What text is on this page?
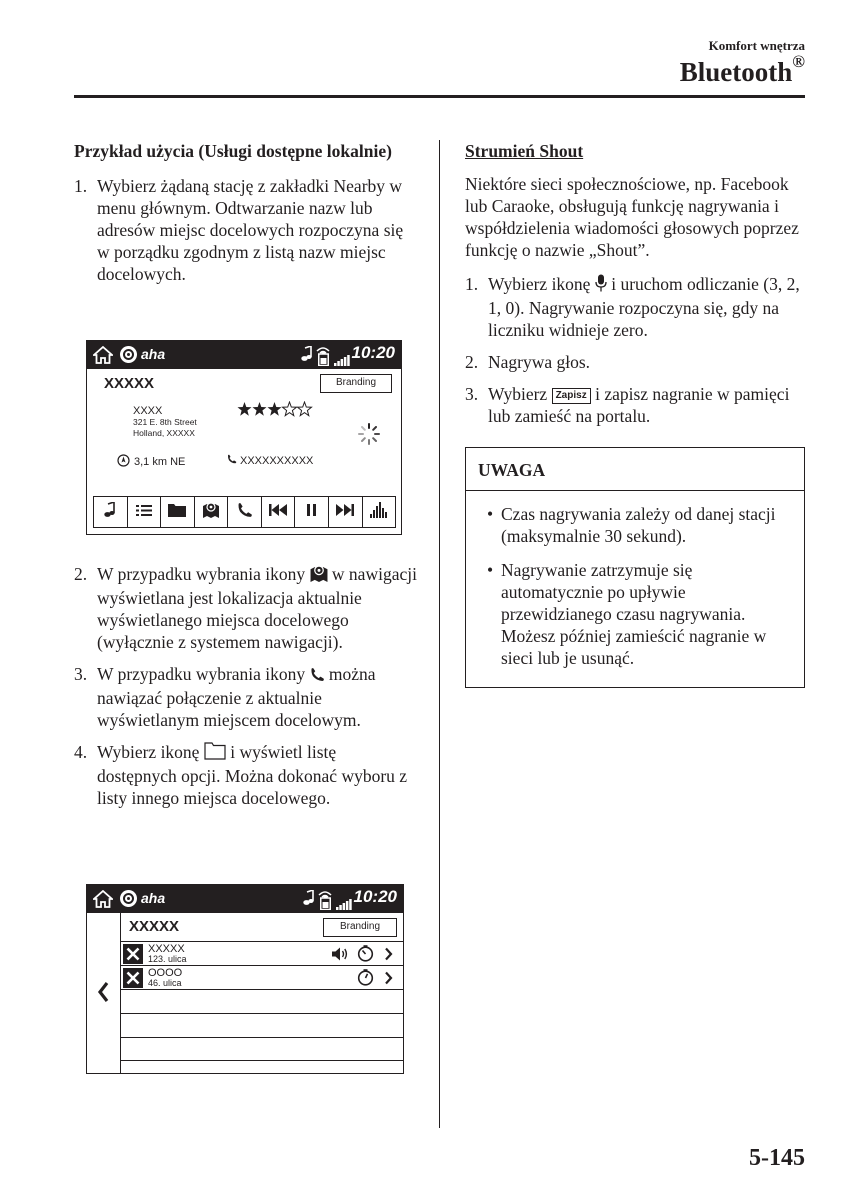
Komfort wnętrza
Bluetooth®

Przykład użycia (Usługi dostępne lokalnie)

1. Wybierz żądaną stację z zakładki Nearby w menu głównym. Odtwarzanie nazw lub adresów miejsc docelowych rozpoczyna się w porządku zgodnym z listą nazw miejsc docelowych.
aha	10:20
XXXXX	Branding
XXXX
321 E. 8th Street
Holland, XXXXX
3,1 km NE	XXXXXXXXXX
2. W przypadku wybrania ikony w nawigacji wyświetlana jest lokalizacja aktualnie wyświetlanego miejsca docelowego (wyłącznie z systemem nawigacji).
3. W przypadku wybrania ikony można nawiązać połączenie z aktualnie wyświetlanym miejscem docelowym.
4. Wybierz ikonę i wyświetl listę dostępnych opcji. Można dokonać wyboru z listy innego miejsca docelowego.
aha	10:20
XXXXX	Branding
XXXXX
123. ulica
OOOO
46. ulica

Strumień Shout

Niektóre sieci społecznościowe, np. Facebook lub Caraoke, obsługują funkcję nagrywania i współdzielenia wiadomości głosowych poprzez funkcję o nazwie „Shout”.

1. Wybierz ikonę i uruchom odliczanie (3, 2, 1, 0). Nagrywanie rozpoczyna się, gdy na liczniku widnieje zero.
2. Nagrywa głos.
3. Wybierz Zapisz i zapisz nagranie w pamięci lub zamieść na portalu.
UWAGA
• Czas nagrywania zależy od danej stacji (maksymalnie 30 sekund).
• Nagrywanie zatrzymuje się automatycznie po upływie przewidzianego czasu nagrywania. Możesz później zamieścić nagranie w sieci lub je usunąć.
5-145
